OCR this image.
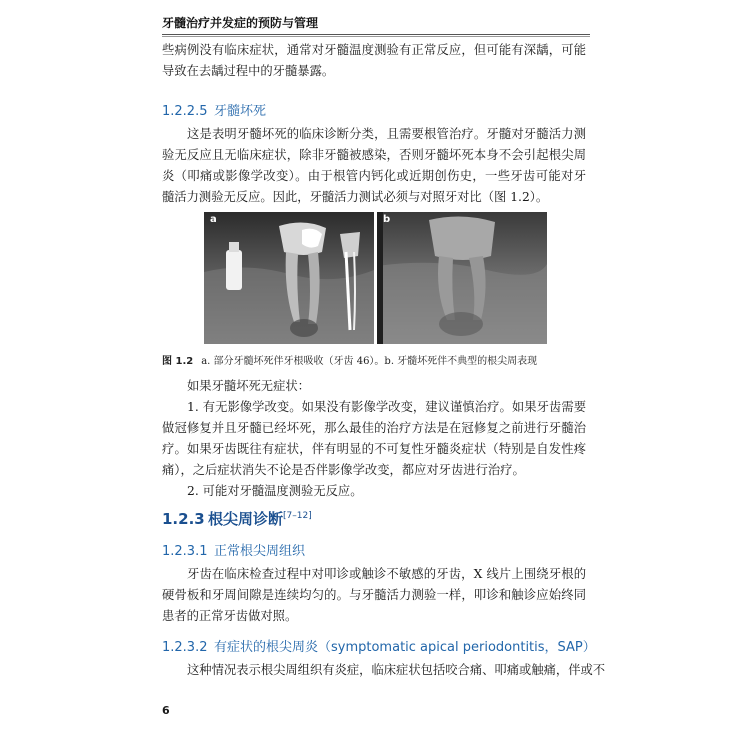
牙髓治疗并发症的预防与管理

些病例没有临床症状，通常对牙髓温度测验有正常反应，但可能有深龋，可能导致在去龋过程中的牙髓暴露。

1.2.2.5 牙髓坏死

这是表明牙髓坏死的临床诊断分类，且需要根管治疗。牙髓对牙髓活力测验无反应且无临床症状，除非牙髓被感染，否则牙髓坏死本身不会引起根尖周炎（叩痛或影像学改变）。由于根管内钙化或近期创伤史，一些牙齿可能对牙髓活力测验无反应。因此，牙髓活力测试必须与对照牙对比（图 1.2）。

a	b
图 1.2 a. 部分牙髓坏死伴牙根吸收（牙齿 46）。b. 牙髓坏死伴不典型的根尖周表现

如果牙髓坏死无症状：

1. 有无影像学改变。如果没有影像学改变，建议谨慎治疗。如果牙齿需要做冠修复并且牙髓已经坏死，那么最佳的治疗方法是在冠修复之前进行牙髓治疗。如果牙齿既往有症状，伴有明显的不可复性牙髓炎症状（特别是自发性疼痛），之后症状消失不论是否伴影像学改变，都应对牙齿进行治疗。

2. 可能对牙髓温度测验无反应。

1.2.3 根尖周诊断[7–12]
1.2.3.1 正常根尖周组织

牙齿在临床检查过程中对叩诊或触诊不敏感的牙齿，X 线片上围绕牙根的硬骨板和牙周间隙是连续均匀的。与牙髓活力测验一样，叩诊和触诊应始终同患者的正常牙齿做对照。

1.2.3.2 有症状的根尖周炎（symptomatic apical periodontitis，SAP）

这种情况表示根尖周组织有炎症，临床症状包括咬合痛、叩痛或触痛，伴或不

6
